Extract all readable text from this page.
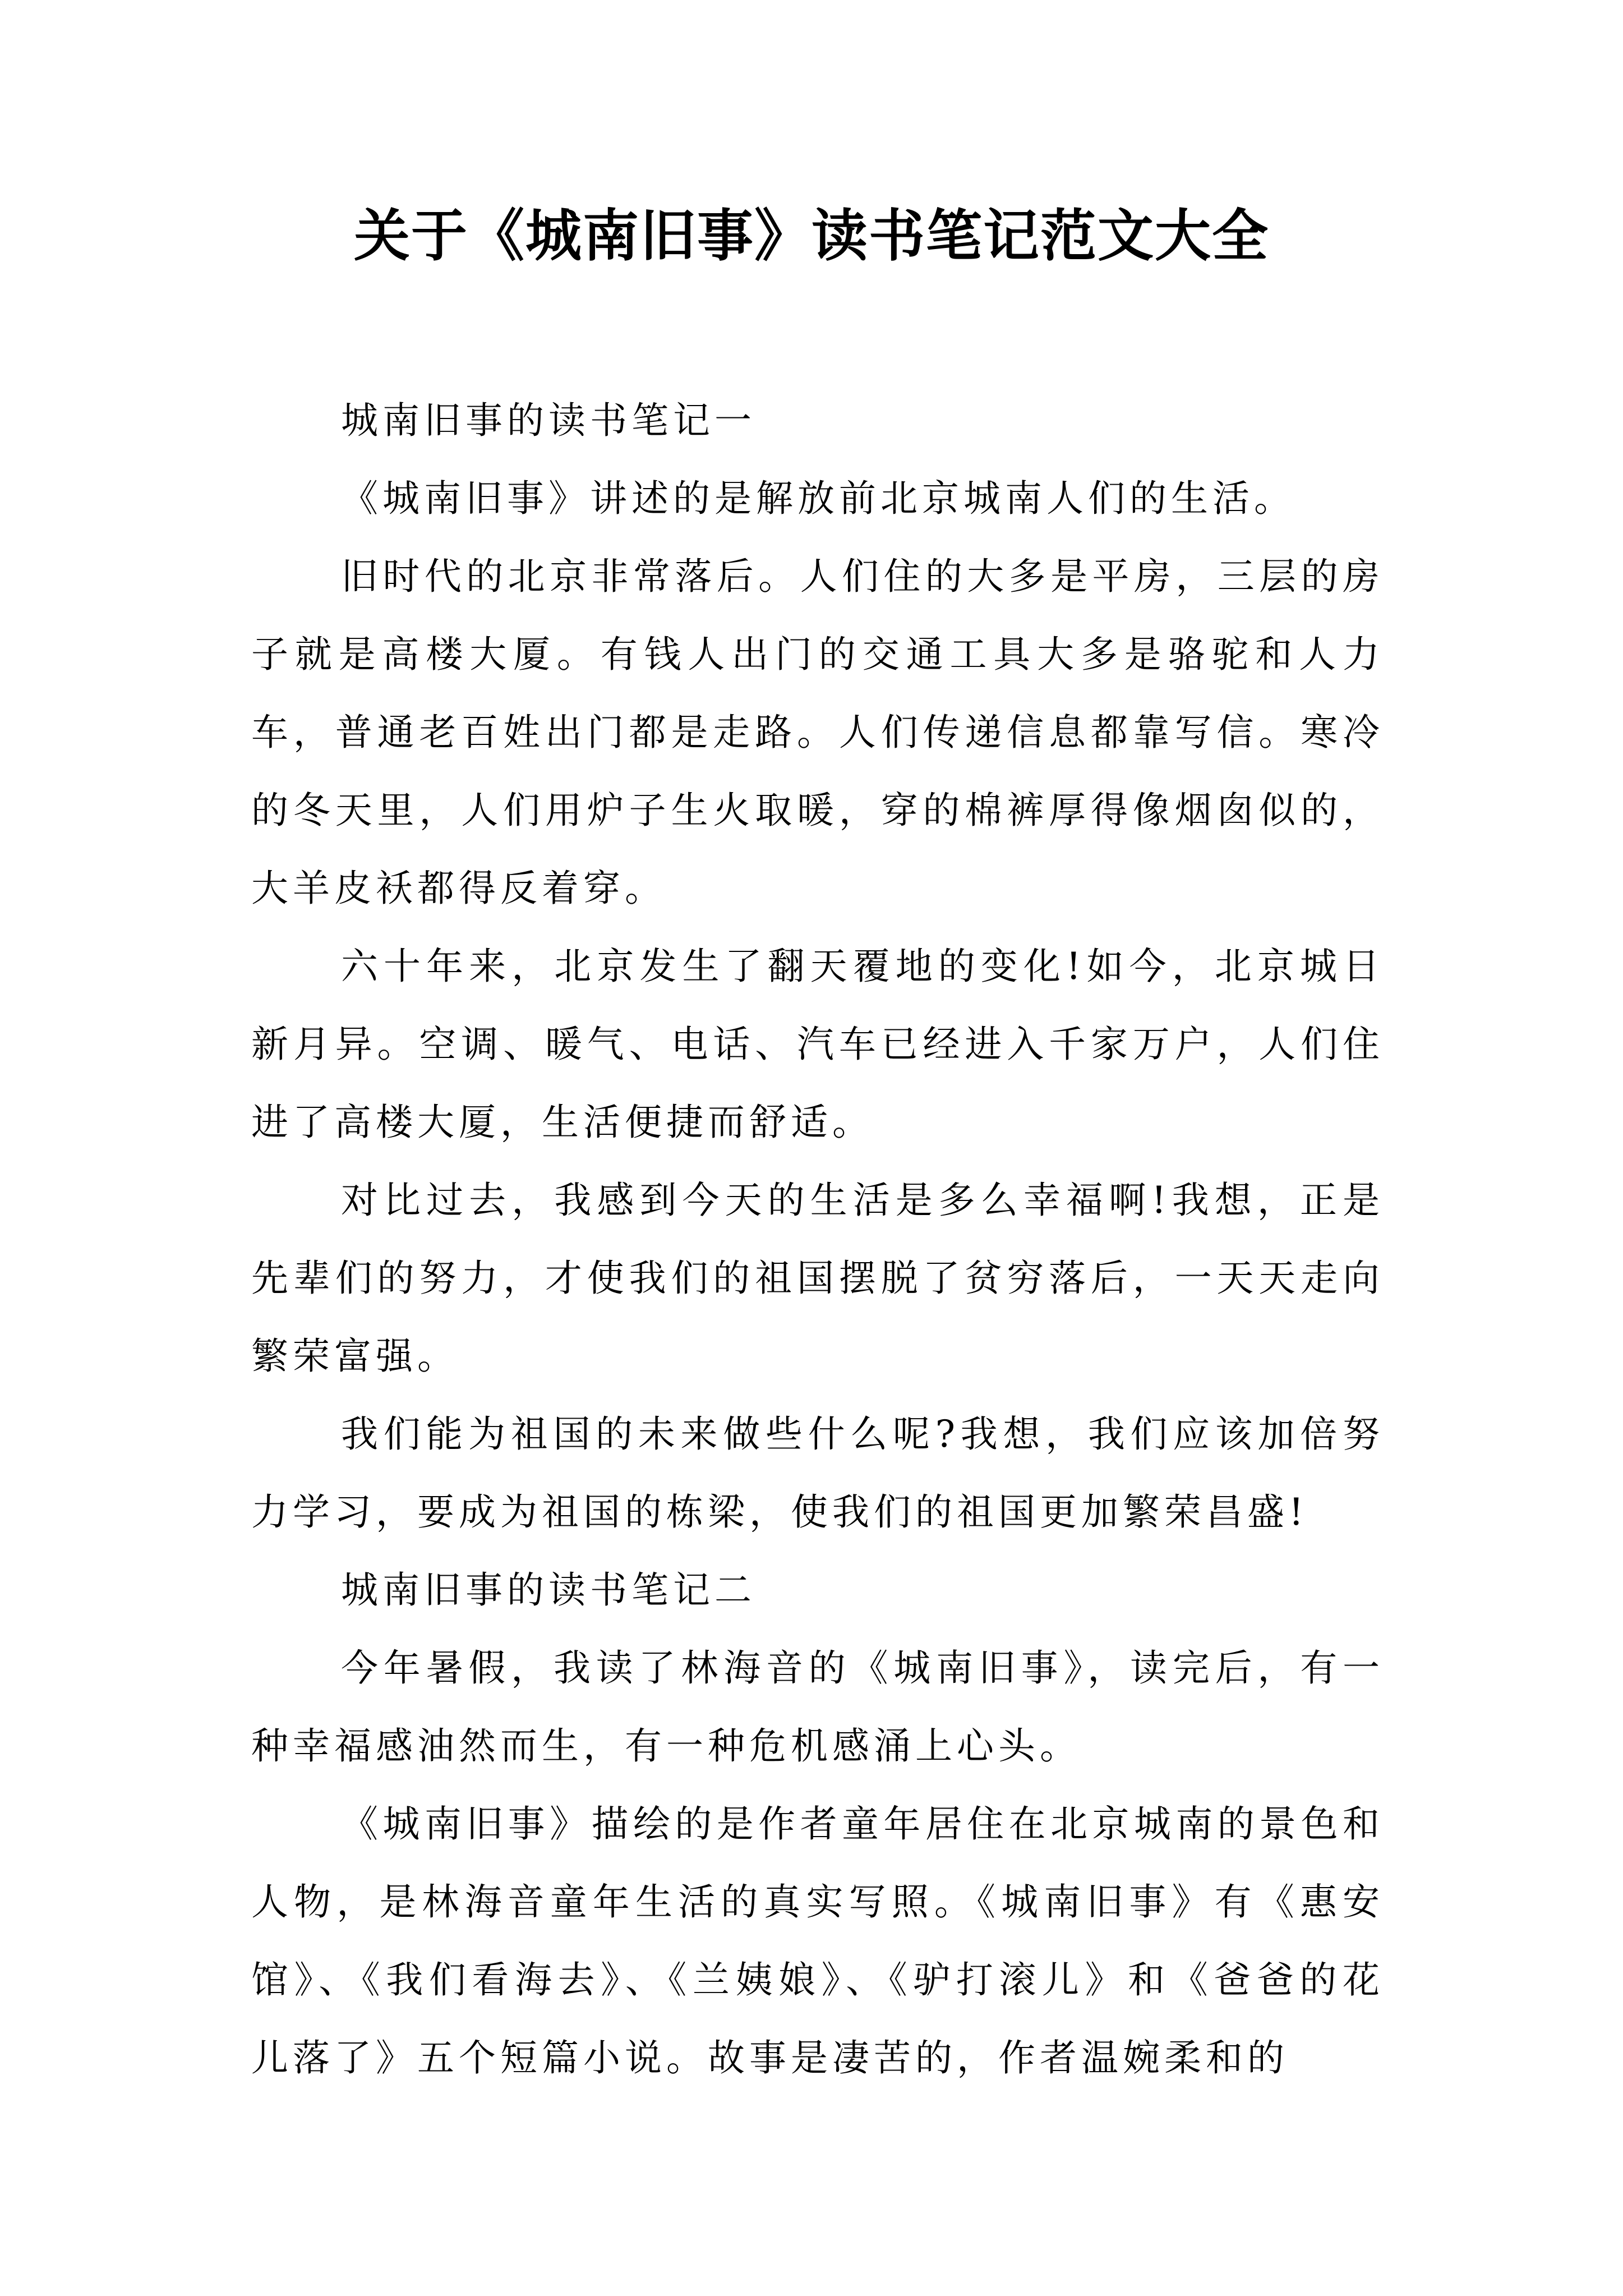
关于《城南旧事》读书笔记范文大全

城南旧事的读书笔记一

《城南旧事》讲述的是解放前北京城南人们的生活。

旧时代的北京非常落后。人们住的大多是平房，三层的房子就是高楼大厦。有钱人出门的交通工具大多是骆驼和人力车，普通老百姓出门都是走路。人们传递信息都靠写信。寒冷的冬天里，人们用炉子生火取暖，穿的棉裤厚得像烟囱似的，大羊皮袄都得反着穿。

六十年来，北京发生了翻天覆地的变化!如今，北京城日新月异。空调、暖气、电话、汽车已经进入千家万户，人们住进了高楼大厦，生活便捷而舒适。

对比过去，我感到今天的生活是多么幸福啊!我想，正是先辈们的努力，才使我们的祖国摆脱了贫穷落后，一天天走向繁荣富强。

我们能为祖国的未来做些什么呢?我想，我们应该加倍努力学习，要成为祖国的栋梁，使我们的祖国更加繁荣昌盛!

城南旧事的读书笔记二

今年暑假，我读了林海音的《城南旧事》，读完后，有一种幸福感油然而生，有一种危机感涌上心头。

《城南旧事》描绘的是作者童年居住在北京城南的景色和人物，是林海音童年生活的真实写照。《城南旧事》有《惠安馆》、《我们看海去》、《兰姨娘》、《驴打滚儿》和《爸爸的花儿落了》五个短篇小说。故事是凄苦的，作者温婉柔和的
